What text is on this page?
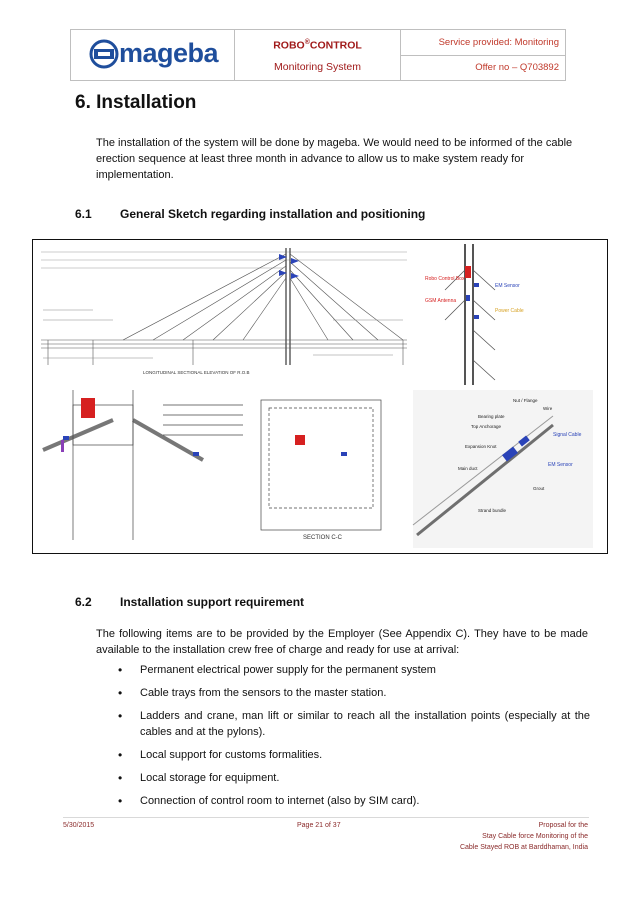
mageba	ROBO®CONTROL
Monitoring System
Service provided: Monitoring
Offer no – Q703892
6. Installation
The installation of the system will be done by mageba. We would need to be informed of the cable erection sequence at least three month in advance to allow us to make system ready for implementation.
6.1 General Sketch regarding installation and positioning
LONGITUDINAL SECTIONAL ELEVATION OF R.O.B
Robo Control Box
GSM Antenna
EM Sensor
Power Cable
SECTION C-C
Signal Cable
EM Sensor
Nut / Flange
Wire
Bearing plate
Top Anchorage
Expansion Knot
Main duct
Grout
Strand bundle
6.2 Installation support requirement
The following items are to be provided by the Employer (See Appendix C). They have to be made available to the installation crew free of charge and ready for use at arrival:
• Permanent electrical power supply for the permanent system
• Cable trays from the sensors to the master station.
• Ladders and crane, man lift or similar to reach all the installation points (especially at the cables and at the pylons).
• Local support for customs formalities.
• Local storage for equipment.
• Connection of control room to internet (also by SIM card).
5/30/2015	Page 21 of 37	Proposal for the
Stay Cable force Monitoring of the
Cable Stayed ROB at Barddhaman, India
